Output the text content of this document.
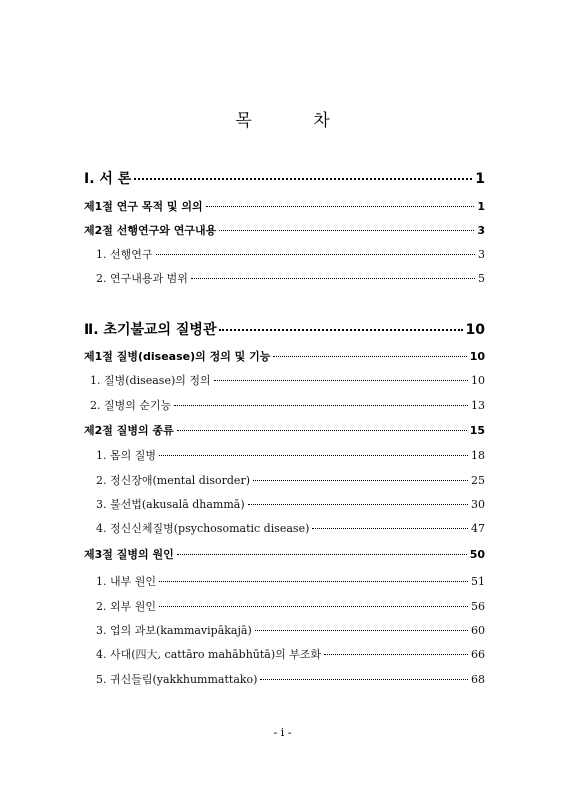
목 차
Ⅰ. 서 론	1
제1절 연구 목적 및 의의	1
제2절 선행연구와 연구내용	3
1. 선행연구	3
2. 연구내용과 범위	5
Ⅱ. 초기불교의 질병관	10
제1절 질병(disease)의 정의 및 기능	10
1. 질병(disease)의 정의	10
2. 질병의 순기능	13
제2절 질병의 종류	15
1. 몸의 질병	18
2. 정신장애(mental disorder)	25
3. 불선법(akusalā dhammā)	30
4. 정신신체질병(psychosomatic disease)	47
제3절 질병의 원인	50
1. 내부 원인	51
2. 외부 원인	56
3. 업의 과보(kammavipākajā)	60
4. 사대(四大, cattāro mahābhūtā)의 부조화	66
5. 귀신들림(yakkhummattako)	68
- i -
